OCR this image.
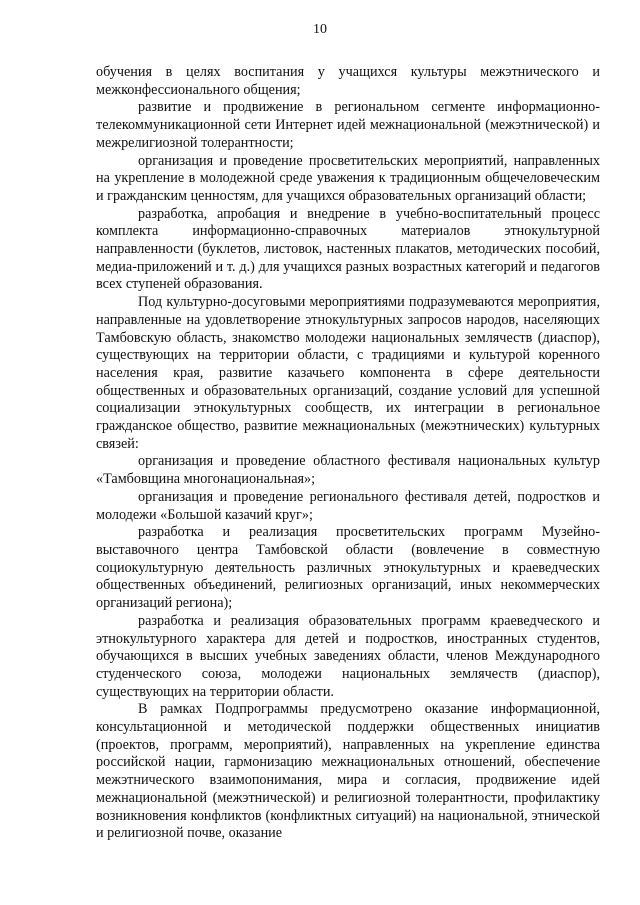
10

обучения в целях воспитания у учащихся культуры межэтнического и межконфессионального общения;

развитие и продвижение в региональном сегменте информационно-телекоммуникационной сети Интернет идей межнациональной (межэтнической) и межрелигиозной толерантности;

организация и проведение просветительских мероприятий, направленных на укрепление в молодежной среде уважения к традиционным общечеловеческим и гражданским ценностям, для учащихся образовательных организаций области;

разработка, апробация и внедрение в учебно-воспитательный процесс комплекта информационно-справочных материалов этнокультурной направленности (буклетов, листовок, настенных плакатов, методических пособий, медиа-приложений и т. д.) для учащихся разных возрастных категорий и педагогов всех ступеней образования.

Под культурно-досуговыми мероприятиями подразумеваются мероприятия, направленные на удовлетворение этнокультурных запросов народов, населяющих Тамбовскую область, знакомство молодежи национальных землячеств (диаспор), существующих на территории области, с традициями и культурой коренного населения края, развитие казачьего компонента в сфере деятельности общественных и образовательных организаций, создание условий для успешной социализации этнокультурных сообществ, их интеграции в региональное гражданское общество, развитие межнациональных (межэтнических) культурных связей:

организация и проведение областного фестиваля национальных культур «Тамбовщина многонациональная»;

организация и проведение регионального фестиваля детей, подростков и молодежи «Большой казачий круг»;

разработка и реализация просветительских программ Музейно-выставочного центра Тамбовской области (вовлечение в совместную социокультурную деятельность различных этнокультурных и краеведческих общественных объединений, религиозных организаций, иных некоммерческих организаций региона);

разработка и реализация образовательных программ краеведческого и этнокультурного характера для детей и подростков, иностранных студентов, обучающихся в высших учебных заведениях области, членов Международного студенческого союза, молодежи национальных землячеств (диаспор), существующих на территории области.

В рамках Подпрограммы предусмотрено оказание информационной, консультационной и методической поддержки общественных инициатив (проектов, программ, мероприятий), направленных на укрепление единства российской нации, гармонизацию межнациональных отношений, обеспечение межэтнического взаимопонимания, мира и согласия, продвижение идей межнациональной (межэтнической) и религиозной толерантности, профилактику возникновения конфликтов (конфликтных ситуаций) на национальной, этнической и религиозной почве, оказание
